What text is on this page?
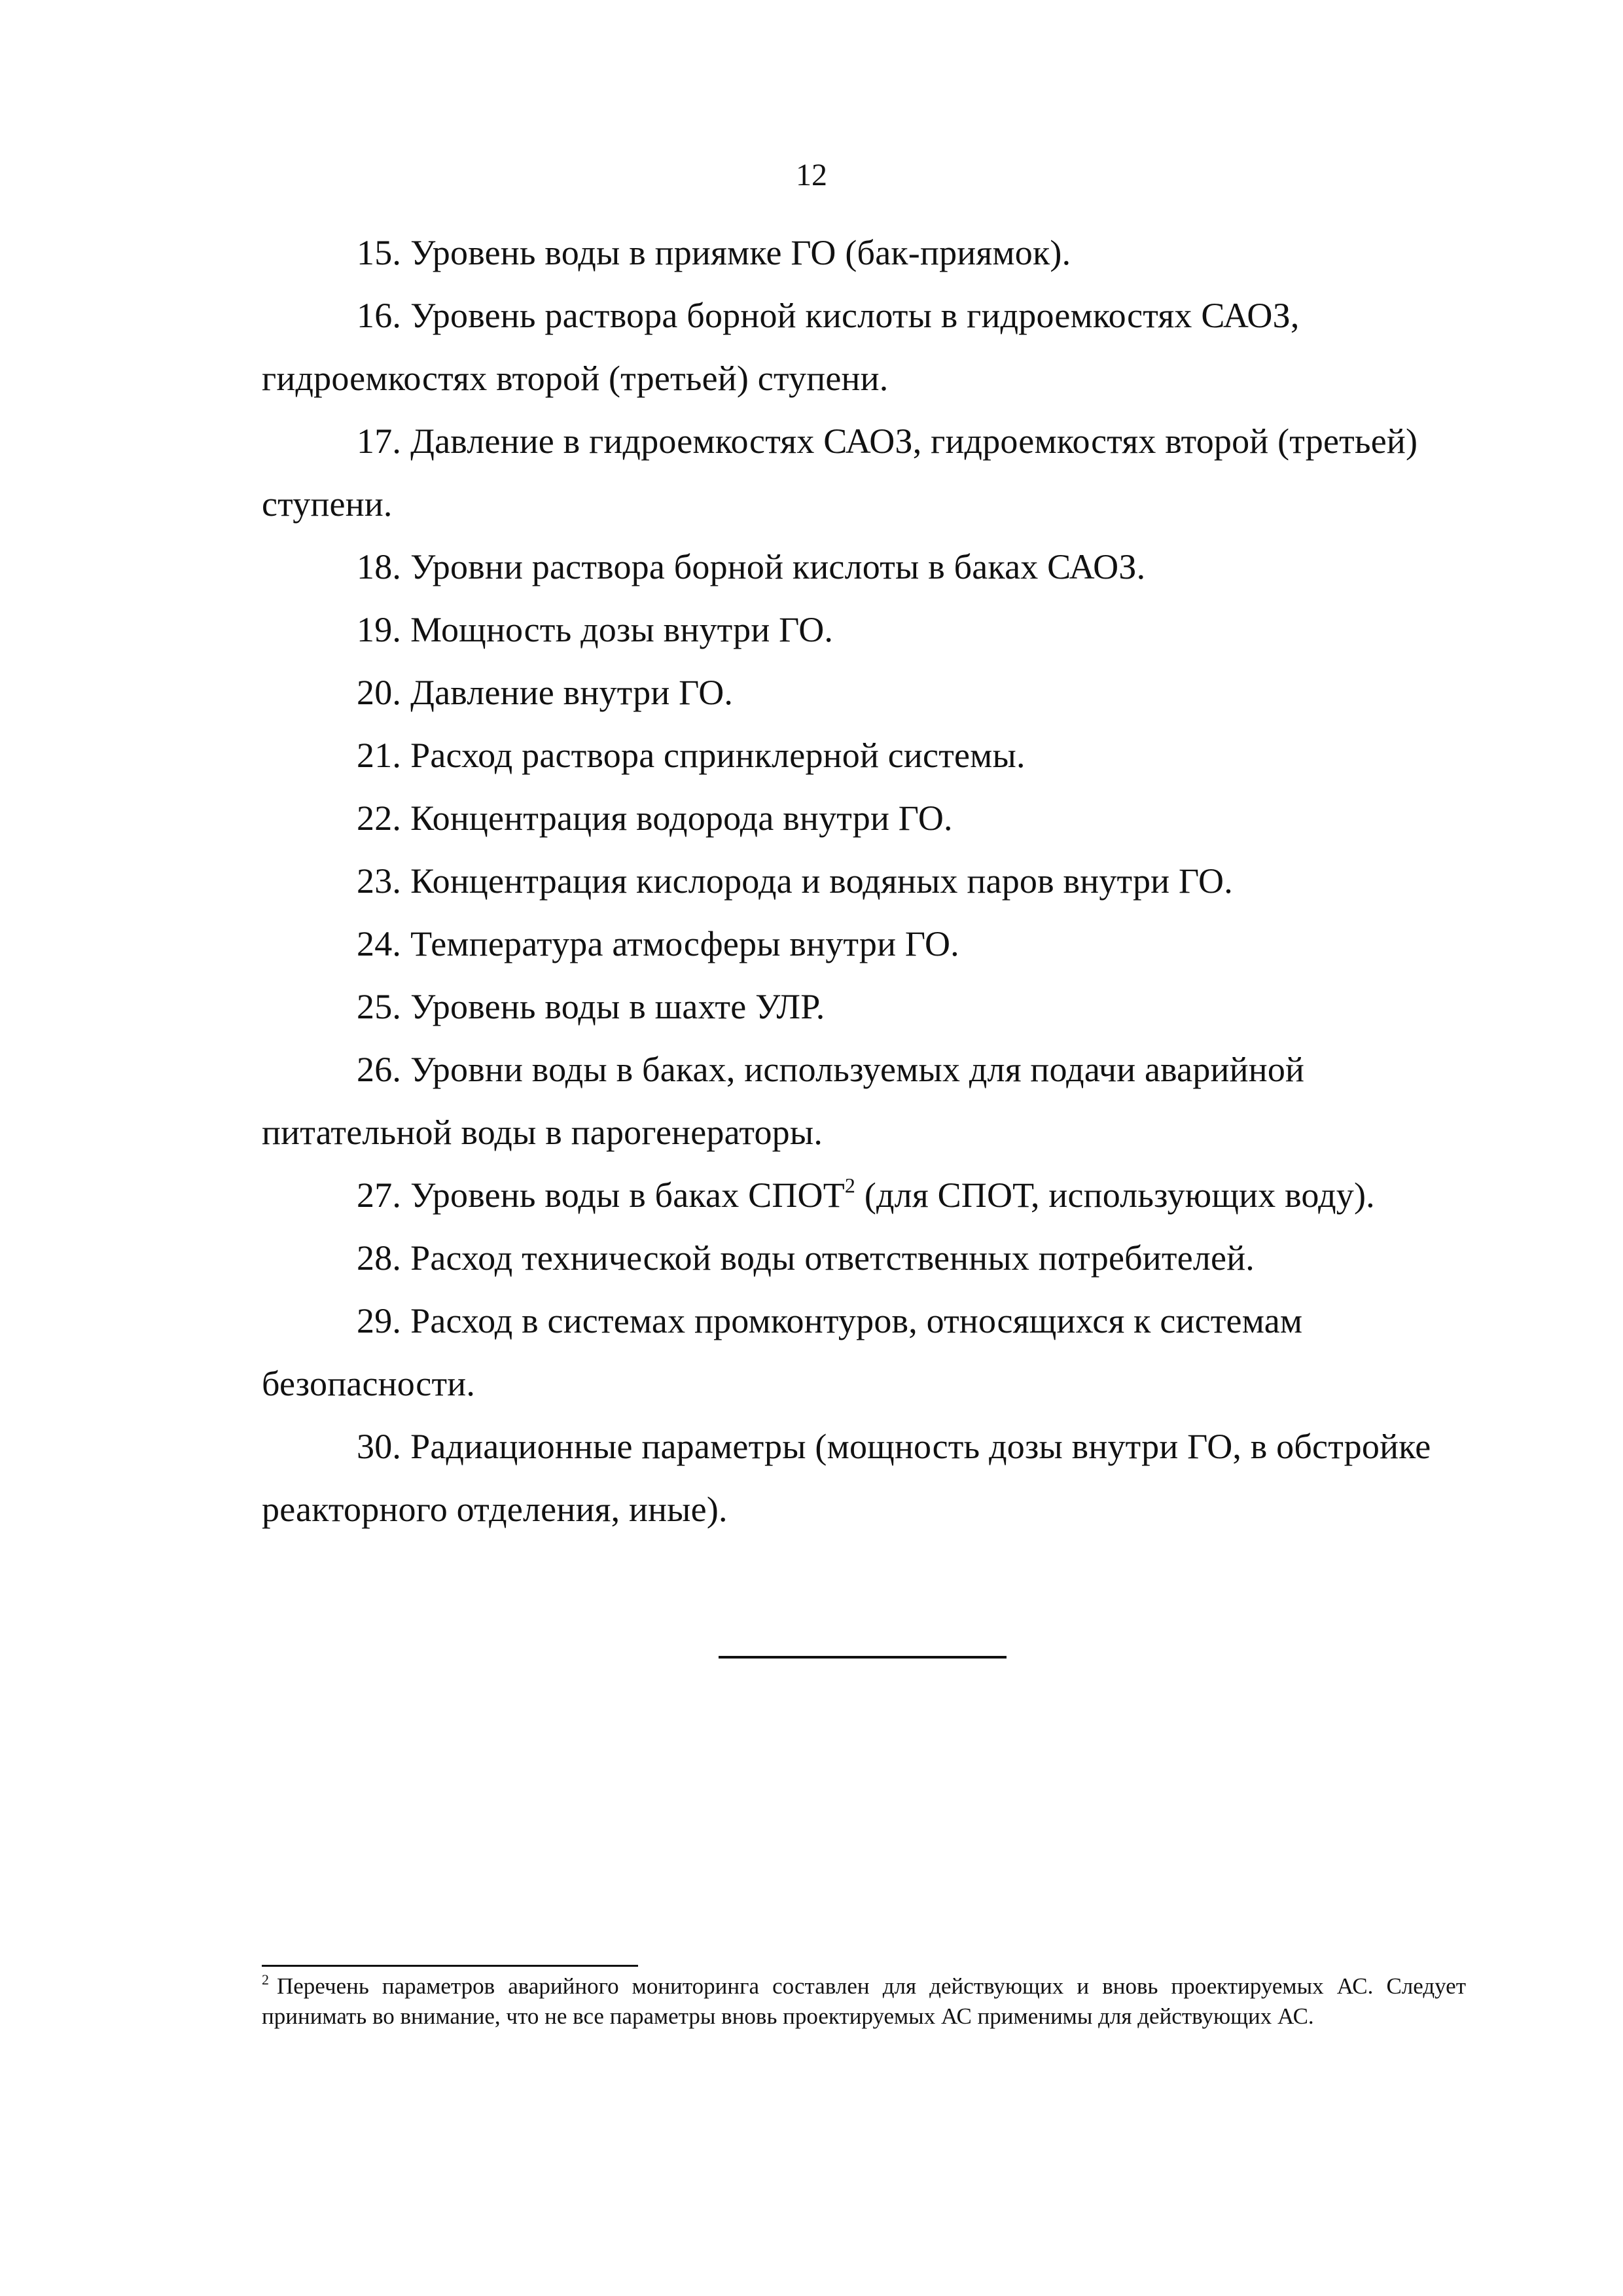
12
15. Уровень воды в приямке ГО (бак-приямок).
16. Уровень раствора борной кислоты в гидроемкостях САОЗ, гидроемкостях второй (третьей) ступени.
17. Давление в гидроемкостях САОЗ, гидроемкостях второй (третьей) ступени.
18. Уровни раствора борной кислоты в баках САОЗ.
19. Мощность дозы внутри ГО.
20. Давление внутри ГО.
21. Расход раствора спринклерной системы.
22. Концентрация водорода внутри ГО.
23. Концентрация кислорода и водяных паров внутри ГО.
24. Температура атмосферы внутри ГО.
25. Уровень воды в шахте УЛР.
26. Уровни воды в баках, используемых для подачи аварийной питательной воды в парогенераторы.
27. Уровень воды в баках СПОТ$^2$ (для СПОТ, использующих воду).
28. Расход технической воды ответственных потребителей.
29. Расход в системах промконтуров, относящихся к системам безопасности.
30. Радиационные параметры (мощность дозы внутри ГО, в обстройке реакторного отделения, иные).
$^2$ Перечень параметров аварийного мониторинга составлен для действующих и вновь проектируемых АС. Следует принимать во внимание, что не все параметры вновь проектируемых АС применимы для действующих АС.
